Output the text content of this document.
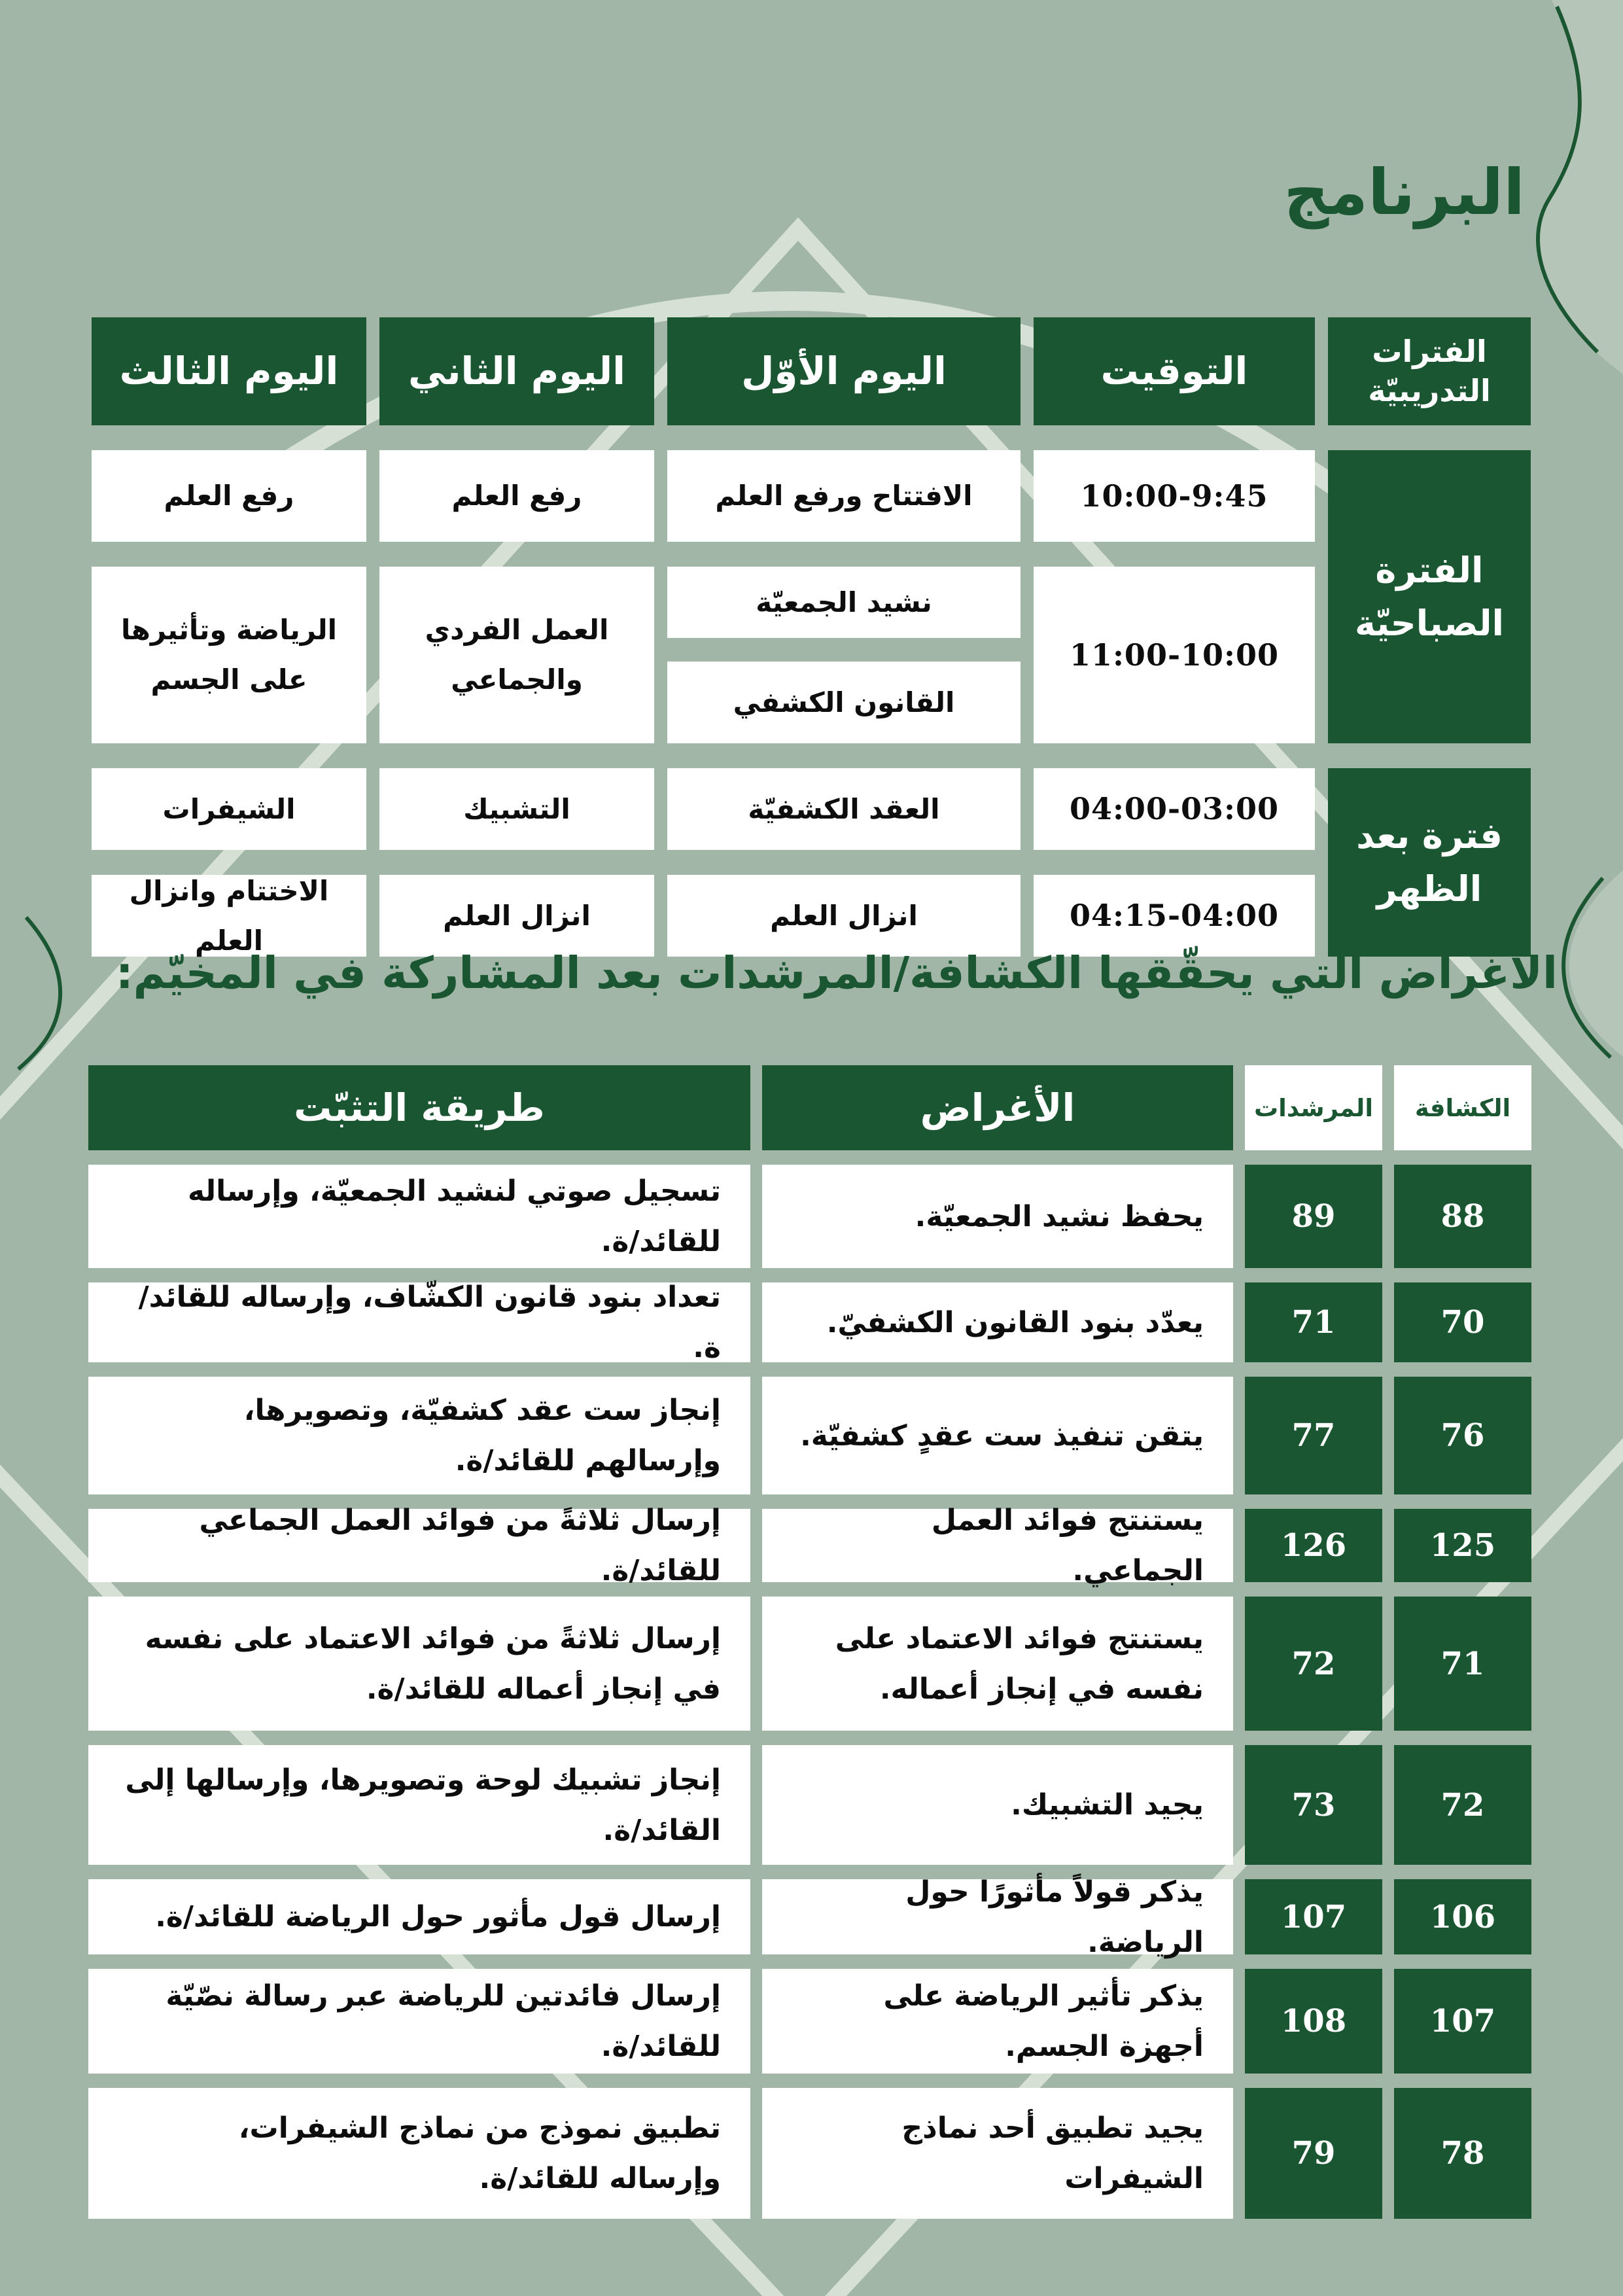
البرنامج
الفترات التدريبيّة
التوقيت
اليوم الأوّل
اليوم الثاني
اليوم الثالث
الفترة الصباحيّة
فترة بعد الظهر
10:00-9:45
الافتتاح ورفع العلم
رفع العلم
رفع العلم
11:00-10:00
نشيد الجمعيّة
القانون الكشفي
العمل الفردي والجماعي
الرياضة وتأثيرها على الجسم
04:00-03:00
العقد الكشفيّة
التشبيك
الشيفرات
04:15-04:00
انزال العلم
انزال العلم
الاختتام وانزال العلم
الأغراض التي يحقّقها الكشافة/المرشدات بعد المشاركة في المخيّم:
الكشافة
المرشدات
الأغراض
طريقة التثبّت
88
89
يحفظ نشيد الجمعيّة.
تسجيل صوتي لنشيد الجمعيّة، وإرساله للقائد/ة.
70
71
يعدّد بنود القانون الكشفيّ.
تعداد بنود قانون الكشّاف، وإرساله للقائد/ة.
76
77
يتقن تنفيذ ست عقدٍ كشفيّة.
إنجاز ست عقد كشفيّة، وتصويرها، وإرسالهم للقائد/ة.
125
126
يستنتج فوائد العمل الجماعي.
إرسال ثلاثةً من فوائد العمل الجماعي للقائد/ة.
71
72
يستنتج فوائد الاعتماد على نفسه في إنجاز أعماله.
إرسال ثلاثةً من فوائد الاعتماد على نفسه في إنجاز أعماله للقائد/ة.
72
73
يجيد التشبيك.
إنجاز تشبيك لوحة وتصويرها، وإرسالها إلى القائد/ة.
106
107
يذكر قولاً مأثورًا حول الرياضة.
إرسال قول مأثور حول الرياضة للقائد/ة.
107
108
يذكر تأثير الرياضة على أجهزة الجسم.
إرسال فائدتين للرياضة عبر رسالة نصّيّة للقائد/ة.
78
79
يجيد تطبيق أحد نماذج الشيفرات
تطبيق نموذج من نماذج الشيفرات، وإرساله للقائد/ة.
